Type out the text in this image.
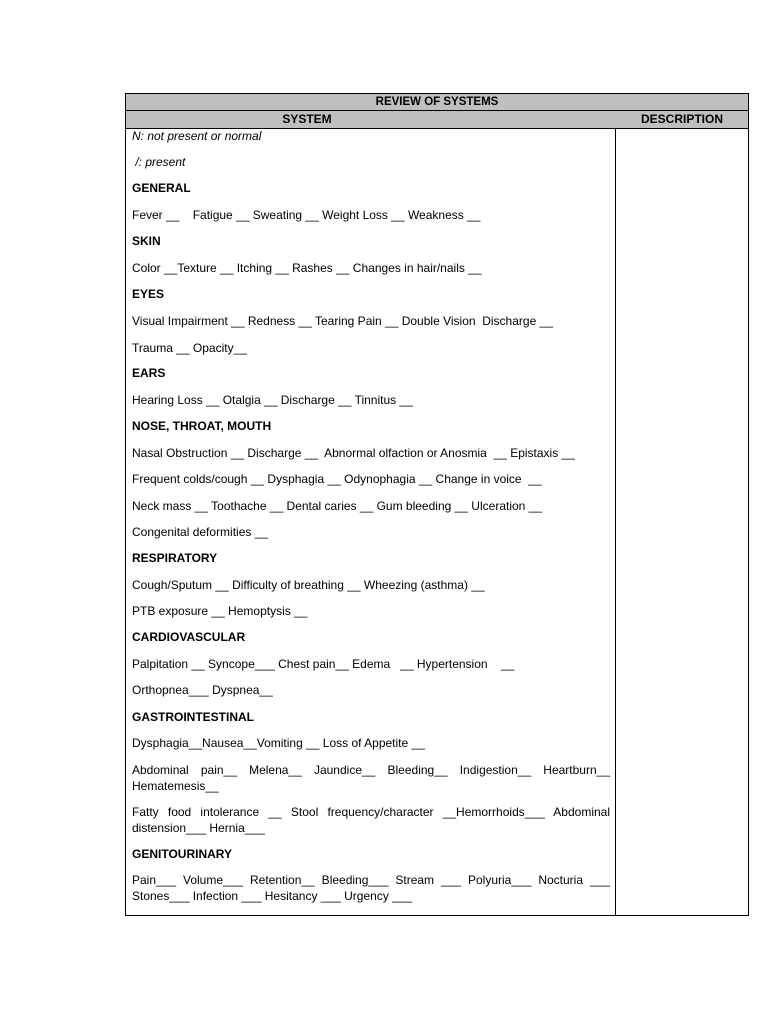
REVIEW OF SYSTEMS
SYSTEM	DESCRIPTION
N: not present or normal
/: present
GENERAL
Fever __    Fatigue __ Sweating __ Weight Loss __ Weakness __
SKIN
Color __Texture __ Itching __ Rashes __ Changes in hair/nails __
EYES
Visual Impairment __ Redness __ Tearing Pain __ Double Vision  Discharge __
Trauma __ Opacity__
EARS
Hearing Loss __ Otalgia __ Discharge __ Tinnitus __
NOSE, THROAT, MOUTH
Nasal Obstruction __ Discharge __  Abnormal olfaction or Anosmia  __ Epistaxis __
Frequent colds/cough __ Dysphagia __ Odynophagia __ Change in voice  __
Neck mass __ Toothache __ Dental caries __ Gum bleeding __ Ulceration __
Congenital deformities __
RESPIRATORY
Cough/Sputum __ Difficulty of breathing __ Wheezing (asthma) __
PTB exposure __ Hemoptysis __
CARDIOVASCULAR
Palpitation __ Syncope___ Chest pain__ Edema   __ Hypertension    __
Orthopnea___ Dyspnea__
GASTROINTESTINAL
Dysphagia__Nausea__Vomiting __ Loss of Appetite __
Abdominal pain__ Melena__ Jaundice__ Bleeding__ Indigestion__ Heartburn__ Hematemesis__
Fatty food intolerance __ Stool frequency/character __Hemorrhoids___ Abdominal distension___ Hernia___
GENITOURINARY
Pain___ Volume___ Retention__ Bleeding___ Stream ___ Polyuria___ Nocturia ___ Stones___ Infection ___ Hesitancy ___ Urgency ___
